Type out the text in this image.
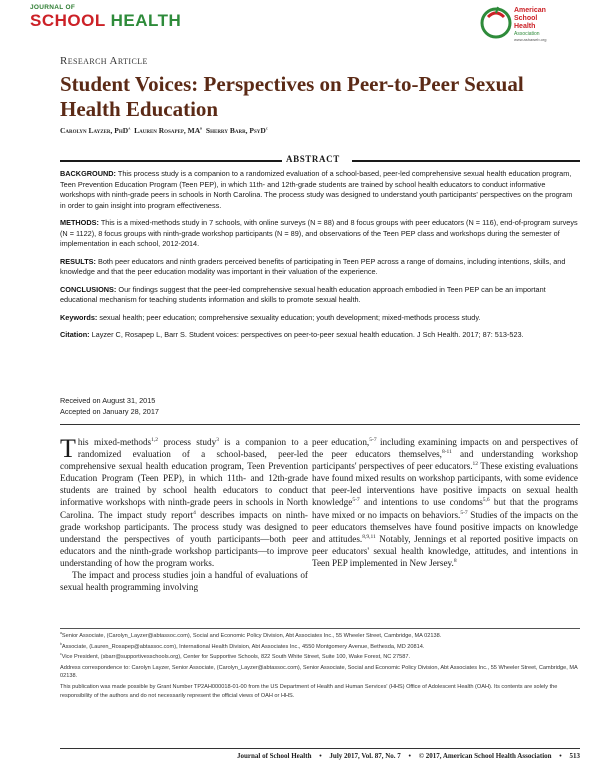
JOURNAL OF
SCHOOL HEALTH
American
School
Health
Association
www.ashaweb.org
Research Article
Student Voices: Perspectives on Peer-to-Peer Sexual Health Education
Carolyn Layzer, PhD$^a$ Lauren Rosapep, $MA^b$ Sherry Barr, PsyD$^c$
ABSTRACT

BACKGROUND: This process study is a companion to a randomized evaluation of a school-based, peer-led comprehensive sexual health education program, Teen Prevention Education Program (Teen PEP), in which 11th- and 12th-grade students are trained by school health educators to conduct informative workshops with ninth-grade peers in schools in North Carolina. The process study was designed to understand youth participants' perspectives on the program in order to gain insight into program effectiveness.

METHODS: This is a mixed-methods study in 7 schools, with online surveys (N = 88) and 8 focus groups with peer educators (N = 116), end-of-program surveys (N = 1122), 8 focus groups with ninth-grade workshop participants (N = 89), and observations of the Teen PEP class and workshops during the semester of implementation in each school, 2012-2014.

RESULTS: Both peer educators and ninth graders perceived benefits of participating in Teen PEP across a range of domains, including intentions, skills, and knowledge and that the peer education modality was important in their valuation of the experience.

CONCLUSIONS: Our findings suggest that the peer-led comprehensive sexual health education approach embodied in Teen PEP can be an important educational mechanism for teaching students information and skills to promote sexual health.

Keywords: sexual health; peer education; comprehensive sexuality education; youth development; mixed-methods process study.

Citation: Layzer C, Rosapep L, Barr S. Student voices: perspectives on peer-to-peer sexual health education. J Sch Health. 2017; 87: 513-523.

Received on August 31, 2015
Accepted on January 28, 2017

This mixed-methods$^{1,2}$ process study$^3$ is a companion to a randomized evaluation of a school-based, peer-led comprehensive sexual health education program, Teen Prevention Education Program (Teen PEP), in which 11th- and 12th-grade students are trained by school health educators to conduct informative workshops with ninth-grade peers in schools in North Carolina. The impact study report$^4$ describes impacts on ninth-grade workshop participants. The process study was designed to understand the perspectives of youth participants—both peer educators and the ninth-grade workshop participants—to improve understanding of how the program works.

The impact and process studies join a handful of evaluations of sexual health programming involving

peer education,$^{5-7}$ including examining impacts on and perspectives of the peer educators themselves,$^{8-11}$ and understanding workshop participants' perspectives of peer educators.$^{12}$ These existing evaluations have found mixed results on workshop participants, with some evidence that peer-led interventions have positive impacts on sexual health knowledge$^{5-7}$ and intentions to use condoms$^{5,6}$ but that the programs have mixed or no impacts on behaviors.$^{5-7}$ Studies of the impacts on the peer educators themselves have found positive impacts on knowledge and attitudes.$^{8,9,11}$ Notably, Jennings et al reported positive impacts on peer educators' sexual health knowledge, attitudes, and intentions in Teen PEP implemented in New Jersey.$^8$

$^a$Senior Associate, (Carolyn_Layzer@abtassoc.com), Social and Economic Policy Division, Abt Associates Inc., 55 Wheeler Street, Cambridge, MA 02138.

$^b$Associate, (Lauren_Rosapep@abtassoc.com), International Health Division, Abt Associates Inc., 4550 Montgomery Avenue, Bethesda, MD 20814.

$^c$Vice President, (sbarr@supportivesschools.org), Center for Supportive Schools, 822 South White Street, Suite 100, Wake Forest, NC 27587.

Address correspondence to: Carolyn Layzer, Senior Associate, (Carolyn_Layzer@abtassoc.com), Senior Associate, Social and Economic Policy Division, Abt Associates Inc., 55 Wheeler Street, Cambridge, MA 02138.

This publication was made possible by Grant Number TP2AH000018-01-00 from the US Department of Health and Human Services' (HHS) Office of Adolescent Health (OAH). Its contents are solely the responsibility of the authors and do not necessarily represent the official views of OAH or HHS.

Journal of School Health • July 2017, Vol. 87, No. 7 • © 2017, American School Health Association • 513
